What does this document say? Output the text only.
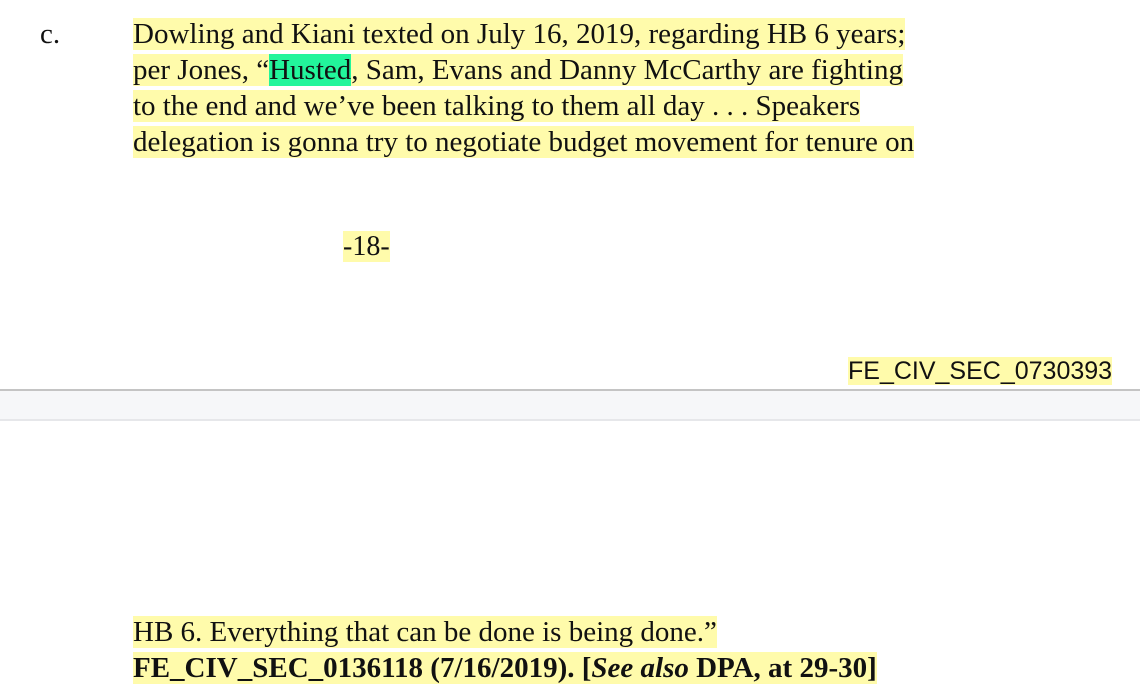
c.	Dowling and Kiani texted on July 16, 2019, regarding HB 6 years;
per Jones, “Husted, Sam, Evans and Danny McCarthy are fighting
to the end and we’ve been talking to them all day . . . Speakers
delegation is gonna try to negotiate budget movement for tenure on
-18-
FE_CIV_SEC_0730393
HB 6. Everything that can be done is being done.”
FE_CIV_SEC_0136118 (7/16/2019). [See also DPA, at 29-30]
